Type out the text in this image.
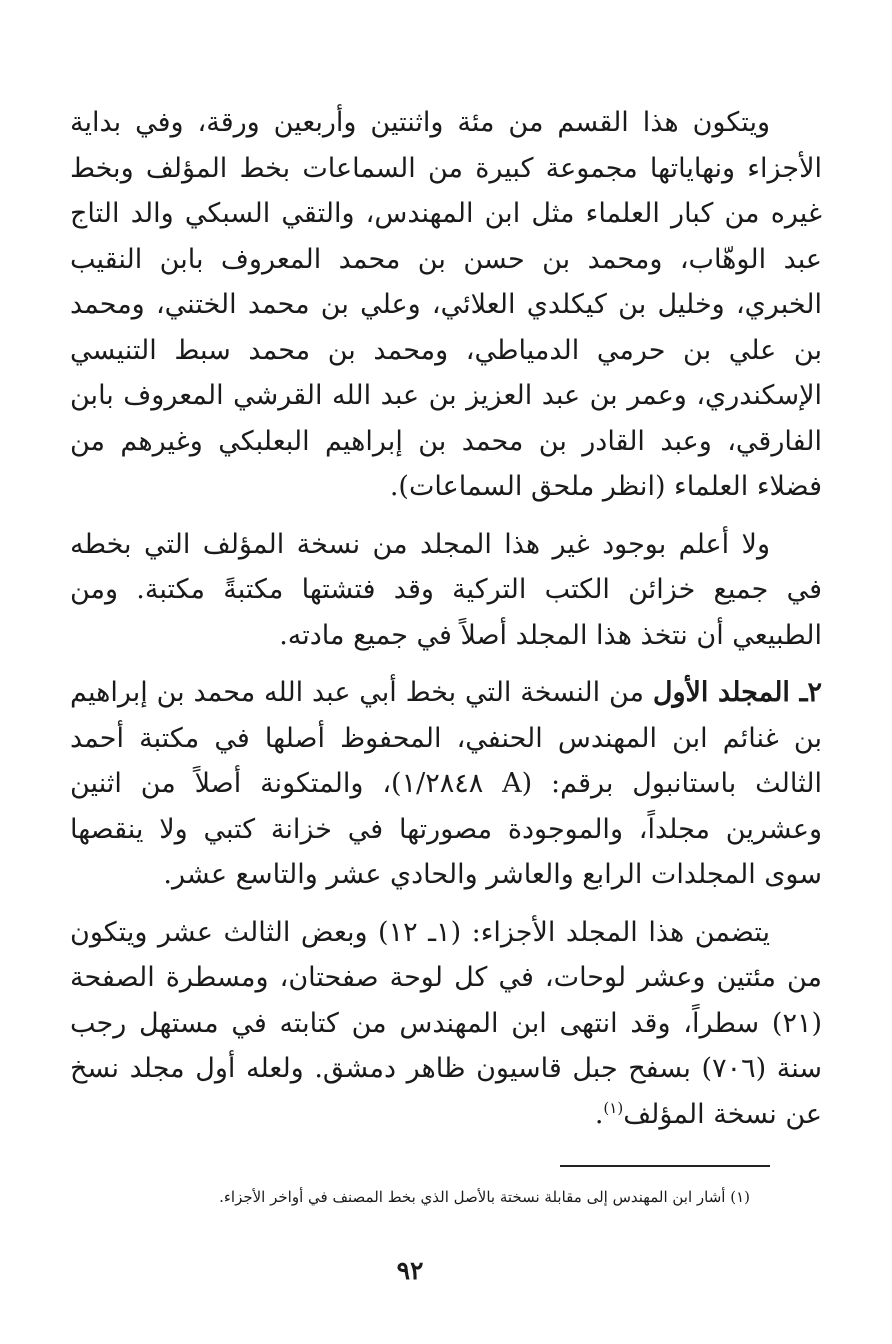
ويتكون هذا القسم من مئة واثنتين وأربعين ورقة، وفي بداية الأجزاء ونهاياتها مجموعة كبيرة من السماعات بخط المؤلف وبخط غيره من كبار العلماء مثل ابن المهندس، والتقي السبكي والد التاج عبد الوهّاب، ومحمد بن حسن بن محمد المعروف بابن النقيب الخبري، وخليل بن كيكلدي العلائي، وعلي بن محمد الختني، ومحمد بن علي بن حرمي الدمياطي، ومحمد بن محمد سبط التنيسي الإسكندري، وعمر بن عبد العزيز بن عبد الله القرشي المعروف بابن الفارقي، وعبد القادر بن محمد بن إبراهيم البعلبكي وغيرهم من فضلاء العلماء (انظر ملحق السماعات).

ولا أعلم بوجود غير هذا المجلد من نسخة المؤلف التي بخطه في جميع خزائن الكتب التركية وقد فتشتها مكتبةً مكتبة. ومن الطبيعي أن نتخذ هذا المجلد أصلاً في جميع مادته.

٢ـ المجلد الأول من النسخة التي بخط أبي عبد الله محمد بن إبراهيم بن غنائم ابن المهندس الحنفي، المحفوظ أصلها في مكتبة أحمد الثالث باستانبول برقم: (A ١/٢٨٤٨)، والمتكونة أصلاً من اثنين وعشرين مجلداً، والموجودة مصورتها في خزانة كتبي ولا ينقصها سوى المجلدات الرابع والعاشر والحادي عشر والتاسع عشر.

يتضمن هذا المجلد الأجزاء: (١ـ ١٢) وبعض الثالث عشر ويتكون من مئتين وعشر لوحات، في كل لوحة صفحتان، ومسطرة الصفحة (٢١) سطراً، وقد انتهى ابن المهندس من كتابته في مستهل رجب سنة (٧٠٦) بسفح جبل قاسيون ظاهر دمشق. ولعله أول مجلد نسخ عن نسخة المؤلف$^{(١)}$.

(١) أشار ابن المهندس إلى مقابلة نسختة بالأصل الذي بخط المصنف في أواخر الأجزاء.
٩٢
